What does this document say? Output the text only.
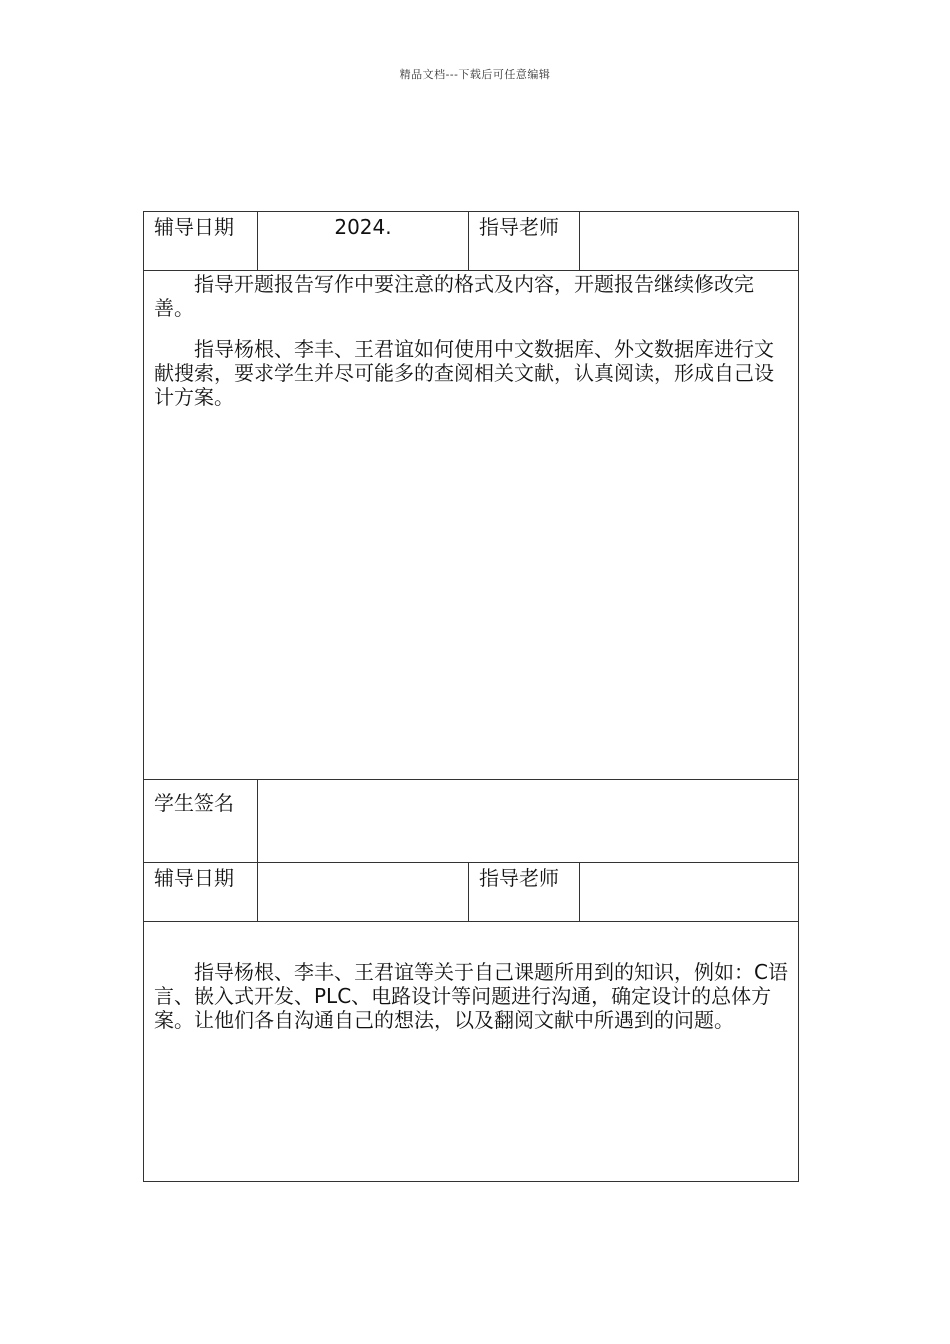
精品文档---下载后可任意编辑
辅导日期	2024.	指导老师	

指导开题报告写作中要注意的格式及内容，开题报告继续修改完善。

指导杨根、李丰、王君谊如何使用中文数据库、外文数据库进行文献搜索，要求学生并尽可能多的查阅相关文献，认真阅读，形成自己设计方案。			

学生签名			
辅导日期		指导老师	

指导杨根、李丰、王君谊等关于自己课题所用到的知识，例如：C语言、嵌入式开发、PLC、电路设计等问题进行沟通，确定设计的总体方案。让他们各自沟通自己的想法，以及翻阅文献中所遇到的问题。			
